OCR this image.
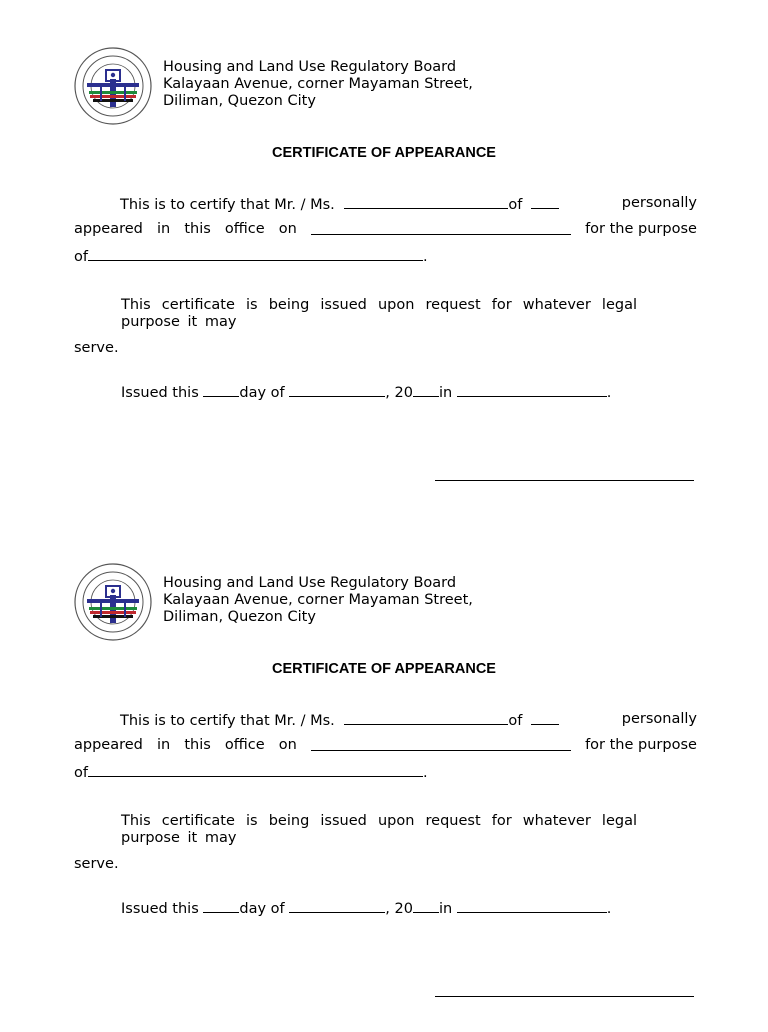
Housing and Land Use Regulatory Board
Kalayaan Avenue, corner Mayaman Street,
Diliman, Quezon City
CERTIFICATE OF APPEARANCE
This is to certify that Mr. / Ms.	of	personally
appeared in this office on	for the purpose
of	.
This certificate is being issued upon request for whatever legal
purpose it may
serve.
Issued this	day of	, 20 in	.
Housing and Land Use Regulatory Board
Kalayaan Avenue, corner Mayaman Street,
Diliman, Quezon City
CERTIFICATE OF APPEARANCE
This is to certify that Mr. / Ms.	of	personally
appeared in this office on	for the purpose
of	.
This certificate is being issued upon request for whatever legal
purpose it may
serve.
Issued this	day of	, 20 in	.
